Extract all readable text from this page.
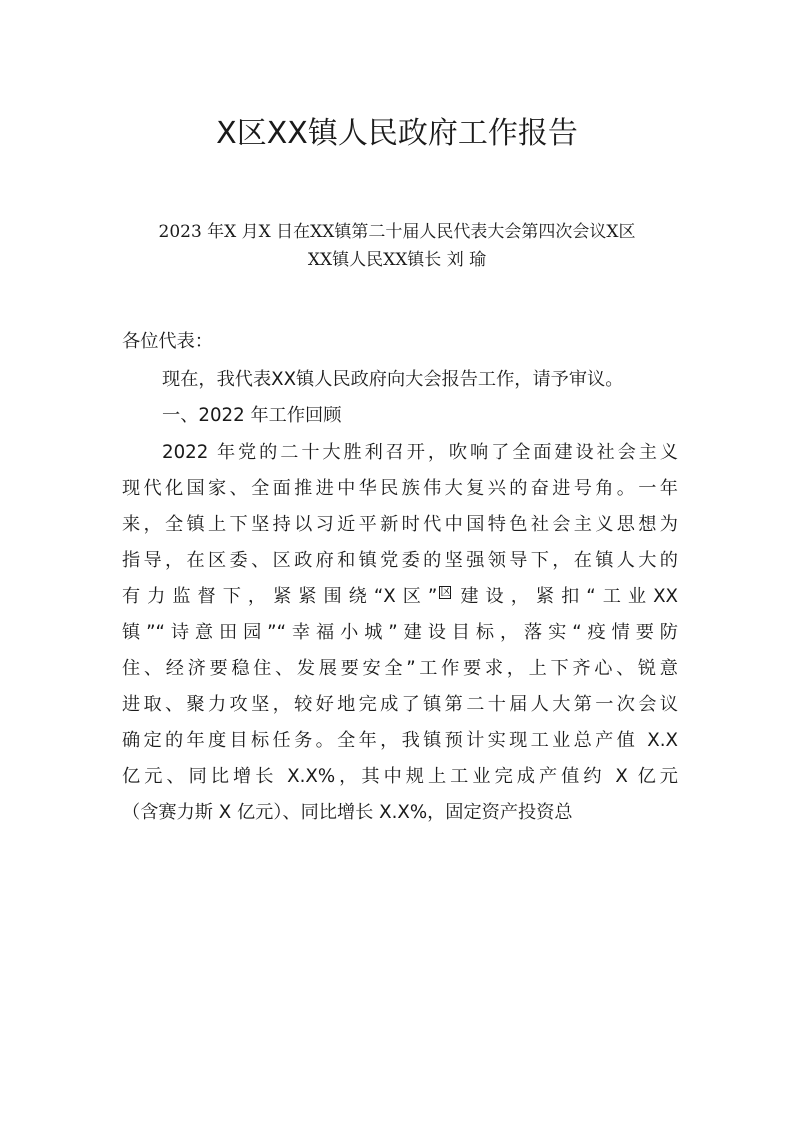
X区XX镇人民政府工作报告
2023 年X 月X 日在XX镇第二十届人民代表大会第四次会议X区
XX镇人民XX镇长 刘 瑜
各位代表：
现在，我代表XX镇人民政府向大会报告工作，请予审议。
一、2022 年工作回顾
2022 年党的二十大胜利召开，吹响了全面建设社会主义
现代化国家、全面推进中华民族伟大复兴的奋进号角。一年
来，全镇上下坚持以习近平新时代中国特色社会主义思想为
指导，在区委、区政府和镇党委的坚强领导下，在镇人大的
有力监督下，紧紧围绕“X区” 区 建设，紧扣“工业XX
镇”“诗意田园”“幸福小城”建设目标，落实“疫情要防
住、经济要稳住、发展要安全”工作要求，上下齐心、锐意
进取、聚力攻坚，较好地完成了镇第二十届人大第一次会议
确定的年度目标任务。全年，我镇预计实现工业总产值 X.X
亿元、同比增长 X.X%，其中规上工业完成产值约 X 亿元
（含赛力斯 X 亿元）、同比增长 X.X%，固定资产投资总
